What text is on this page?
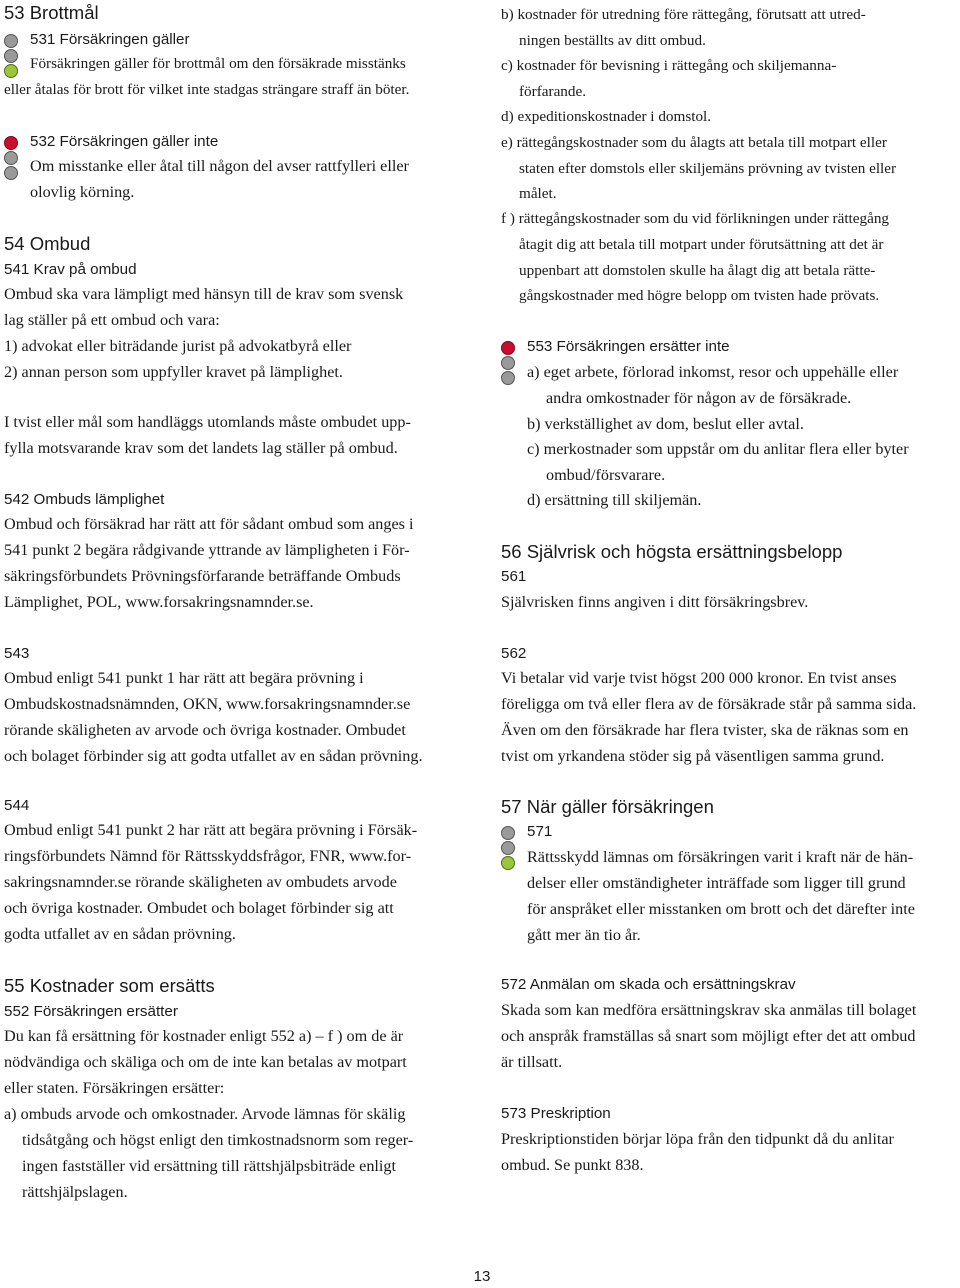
53 Brottmål
531 Försäkringen gäller
Försäkringen gäller för brottmål om den försäkrade misstänks
eller åtalas för brott för vilket inte stadgas strängare straff än böter.
532 Försäkringen gäller inte
Om misstanke eller åtal till någon del avser rattfylleri eller
olovlig körning.
54 Ombud
541 Krav på ombud
Ombud ska vara lämpligt med hänsyn till de krav som svensk
lag ställer på ett ombud och vara:
1) advokat eller biträdande jurist på advokatbyrå eller
2) annan person som uppfyller kravet på lämplighet.
I tvist eller mål som handläggs utomlands måste ombudet upp-
fylla motsvarande krav som det landets lag ställer på ombud.
542 Ombuds lämplighet
Ombud och försäkrad har rätt att för sådant ombud som anges i
541 punkt 2 begära rådgivande yttrande av lämpligheten i För-
säkringsförbundets Prövningsförfarande beträffande Ombuds
Lämplighet, POL, www.forsakringsnamnder.se.
543
Ombud enligt 541 punkt 1 har rätt att begära prövning i
Ombudskostnadsnämnden, OKN, www.forsakringsnamnder.se
rörande skäligheten av arvode och övriga kostnader. Ombudet
och bolaget förbinder sig att godta utfallet av en sådan prövning.
544
Ombud enligt 541 punkt 2 har rätt att begära prövning i Försäk-
ringsförbundets Nämnd för Rättsskyddsfrågor, FNR, www.for-
sakringsnamnder.se rörande skäligheten av ombudets arvode
och övriga kostnader. Ombudet och bolaget förbinder sig att
godta utfallet av en sådan prövning.
55 Kostnader som ersätts
552 Försäkringen ersätter
Du kan få ersättning för kostnader enligt 552 a) – f ) om de är
nödvändiga och skäliga och om de inte kan betalas av motpart
eller staten. Försäkringen ersätter:
a) ombuds arvode och omkostnader. Arvode lämnas för skälig
tidsåtgång och högst enligt den timkostnadsnorm som reger-
ingen fastställer vid ersättning till rättshjälpsbiträde enligt
rättshjälpslagen.
b) kostnader för utredning före rättegång, förutsatt att utred-
ningen beställts av ditt ombud.
c) kostnader för bevisning i rättegång och skiljemanna-
förfarande.
d) expeditionskostnader i domstol.
e) rättegångskostnader som du ålagts att betala till motpart eller
staten efter domstols eller skiljemäns prövning av tvisten eller
målet.
f ) rättegångskostnader som du vid förlikningen under rättegång
åtagit dig att betala till motpart under förutsättning att det är
uppenbart att domstolen skulle ha ålagt dig att betala rätte-
gångskostnader med högre belopp om tvisten hade prövats.
553 Försäkringen ersätter inte
a) eget arbete, förlorad inkomst, resor och uppehälle eller
andra omkostnader för någon av de försäkrade.
b) verkställighet av dom, beslut eller avtal.
c) merkostnader som uppstår om du anlitar flera eller byter
ombud/försvarare.
d) ersättning till skiljemän.
56 Självrisk och högsta ersättningsbelopp
561
Självrisken finns angiven i ditt försäkringsbrev.
562
Vi betalar vid varje tvist högst 200 000 kronor. En tvist anses
föreligga om två eller flera av de försäkrade står på samma sida.
Även om den försäkrade har flera tvister, ska de räknas som en
tvist om yrkandena stöder sig på väsentligen samma grund.
57 När gäller försäkringen
571
Rättsskydd lämnas om försäkringen varit i kraft när de hän-
delser eller omständigheter inträffade som ligger till grund
för anspråket eller misstanken om brott och det därefter inte
gått mer än tio år.
572 Anmälan om skada och ersättningskrav
Skada som kan medföra ersättningskrav ska anmälas till bolaget
och anspråk framställas så snart som möjligt efter det att ombud
är tillsatt.
573 Preskription
Preskriptionstiden börjar löpa från den tidpunkt då du anlitar
ombud. Se punkt 838.
13
